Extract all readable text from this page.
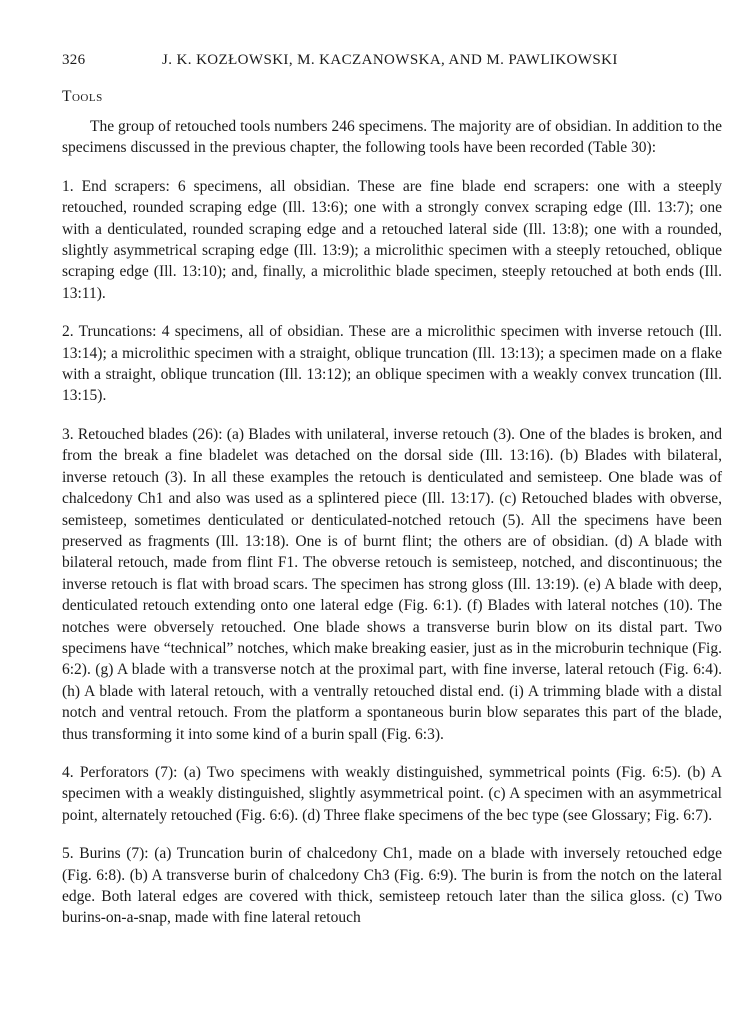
326	J. K. KOZŁOWSKI, M. KACZANOWSKA, AND M. PAWLIKOWSKI
Tools

The group of retouched tools numbers 246 specimens. The majority are of obsidian. In addition to the specimens discussed in the previous chapter, the following tools have been recorded (Table 30):

1. End scrapers: 6 specimens, all obsidian. These are fine blade end scrapers: one with a steeply retouched, rounded scraping edge (Ill. 13:6); one with a strongly convex scraping edge (Ill. 13:7); one with a denticulated, rounded scraping edge and a retouched lateral side (Ill. 13:8); one with a rounded, slightly asymmetrical scraping edge (Ill. 13:9); a microlithic specimen with a steeply retouched, oblique scraping edge (Ill. 13:10); and, finally, a microlithic blade specimen, steeply retouched at both ends (Ill. 13:11).

2. Truncations: 4 specimens, all of obsidian. These are a microlithic specimen with inverse retouch (Ill. 13:14); a microlithic specimen with a straight, oblique truncation (Ill. 13:13); a specimen made on a flake with a straight, oblique truncation (Ill. 13:12); an oblique specimen with a weakly convex truncation (Ill. 13:15).

3. Retouched blades (26): (a) Blades with unilateral, inverse retouch (3). One of the blades is broken, and from the break a fine bladelet was detached on the dorsal side (Ill. 13:16). (b) Blades with bilateral, inverse retouch (3). In all these examples the retouch is denticulated and semisteep. One blade was of chalcedony Ch1 and also was used as a splintered piece (Ill. 13:17). (c) Retouched blades with obverse, semisteep, sometimes denticulated or denticulated-notched retouch (5). All the specimens have been preserved as fragments (Ill. 13:18). One is of burnt flint; the others are of obsidian. (d) A blade with bilateral retouch, made from flint F1. The obverse retouch is semisteep, notched, and discontinuous; the inverse retouch is flat with broad scars. The specimen has strong gloss (Ill. 13:19). (e) A blade with deep, denticulated retouch extending onto one lateral edge (Fig. 6:1). (f) Blades with lateral notches (10). The notches were obversely retouched. One blade shows a transverse burin blow on its distal part. Two specimens have “technical” notches, which make breaking easier, just as in the microburin technique (Fig. 6:2). (g) A blade with a transverse notch at the proximal part, with fine inverse, lateral retouch (Fig. 6:4). (h) A blade with lateral retouch, with a ventrally retouched distal end. (i) A trimming blade with a distal notch and ventral retouch. From the platform a spontaneous burin blow separates this part of the blade, thus transforming it into some kind of a burin spall (Fig. 6:3).

4. Perforators (7): (a) Two specimens with weakly distinguished, symmetrical points (Fig. 6:5). (b) A specimen with a weakly distinguished, slightly asymmetrical point. (c) A specimen with an asymmetrical point, alternately retouched (Fig. 6:6). (d) Three flake specimens of the bec type (see Glossary; Fig. 6:7).

5. Burins (7): (a) Truncation burin of chalcedony Ch1, made on a blade with inversely retouched edge (Fig. 6:8). (b) A transverse burin of chalcedony Ch3 (Fig. 6:9). The burin is from the notch on the lateral edge. Both lateral edges are covered with thick, semisteep retouch later than the silica gloss. (c) Two burins-on-a-snap, made with fine lateral retouch
